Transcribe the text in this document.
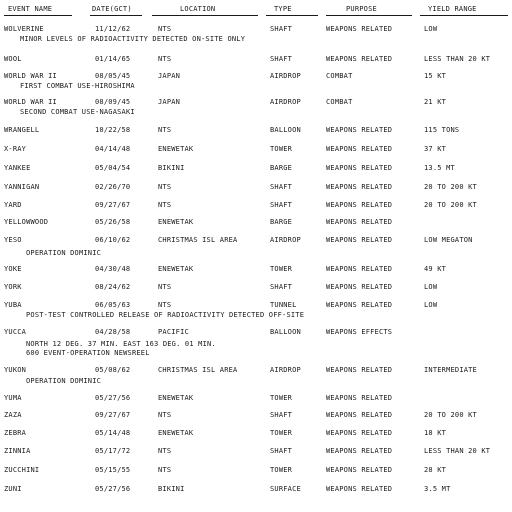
EVENT NAME	DATE(GCT)	LOCATION	TYPE	PURPOSE	YIELD RANGE
WOLVERINE	11/12/62	NTS	SHAFT	WEAPONS RELATED	LOW
MINOR LEVELS OF RADIOACTIVITY DETECTED ON-SITE ONLY
WOOL	01/14/65	NTS	SHAFT	WEAPONS RELATED	LESS THAN 20 KT
WORLD WAR II	08/05/45	JAPAN	AIRDROP	COMBAT	15 KT
FIRST COMBAT USE-HIROSHIMA
WORLD WAR II	08/09/45	JAPAN	AIRDROP	COMBAT	21 KT
SECOND COMBAT USE-NAGASAKI
WRANGELL	10/22/58	NTS	BALLOON	WEAPONS RELATED	115 TONS
X-RAY	04/14/48	ENEWETAK	TOWER	WEAPONS RELATED	37 KT
YANKEE	05/04/54	BIKINI	BARGE	WEAPONS RELATED	13.5 MT
YANNIGAN	02/26/70	NTS	SHAFT	WEAPONS RELATED	20 TO 200 KT
YARD	09/27/67	NTS	SHAFT	WEAPONS RELATED	20 TO 200 KT
YELLOWWOOD	05/26/58	ENEWETAK	BARGE	WEAPONS RELATED
YESO	06/10/62	CHRISTMAS ISL AREA	AIRDROP	WEAPONS RELATED	LOW MEGATON
OPERATION DOMINIC
YOKE	04/30/48	ENEWETAK	TOWER	WEAPONS RELATED	49 KT
YORK	08/24/62	NTS	SHAFT	WEAPONS RELATED	LOW
YUBA	06/05/63	NTS	TUNNEL	WEAPONS RELATED	LOW
POST-TEST CONTROLLED RELEASE OF RADIOACTIVITY DETECTED OFF-SITE
YUCCA	04/28/58	PACIFIC	BALLOON	WEAPONS EFFECTS
NORTH 12 DEG. 37 MIN. EAST 163 DEG. 01 MIN.
600 EVENT-OPERATION NEWSREEL
YUKON	05/08/62	CHRISTMAS ISL AREA	AIRDROP	WEAPONS RELATED	INTERMEDIATE
OPERATION DOMINIC
YUMA	05/27/56	ENEWETAK	TOWER	WEAPONS RELATED
ZAZA	09/27/67	NTS	SHAFT	WEAPONS RELATED	20 TO 200 KT
ZEBRA	05/14/48	ENEWETAK	TOWER	WEAPONS RELATED	18 KT
ZINNIA	05/17/72	NTS	SHAFT	WEAPONS RELATED	LESS THAN 20 KT
ZUCCHINI	05/15/55	NTS	TOWER	WEAPONS RELATED	28 KT
ZUNI	05/27/56	BIKINI	SURFACE	WEAPONS RELATED	3.5 MT
